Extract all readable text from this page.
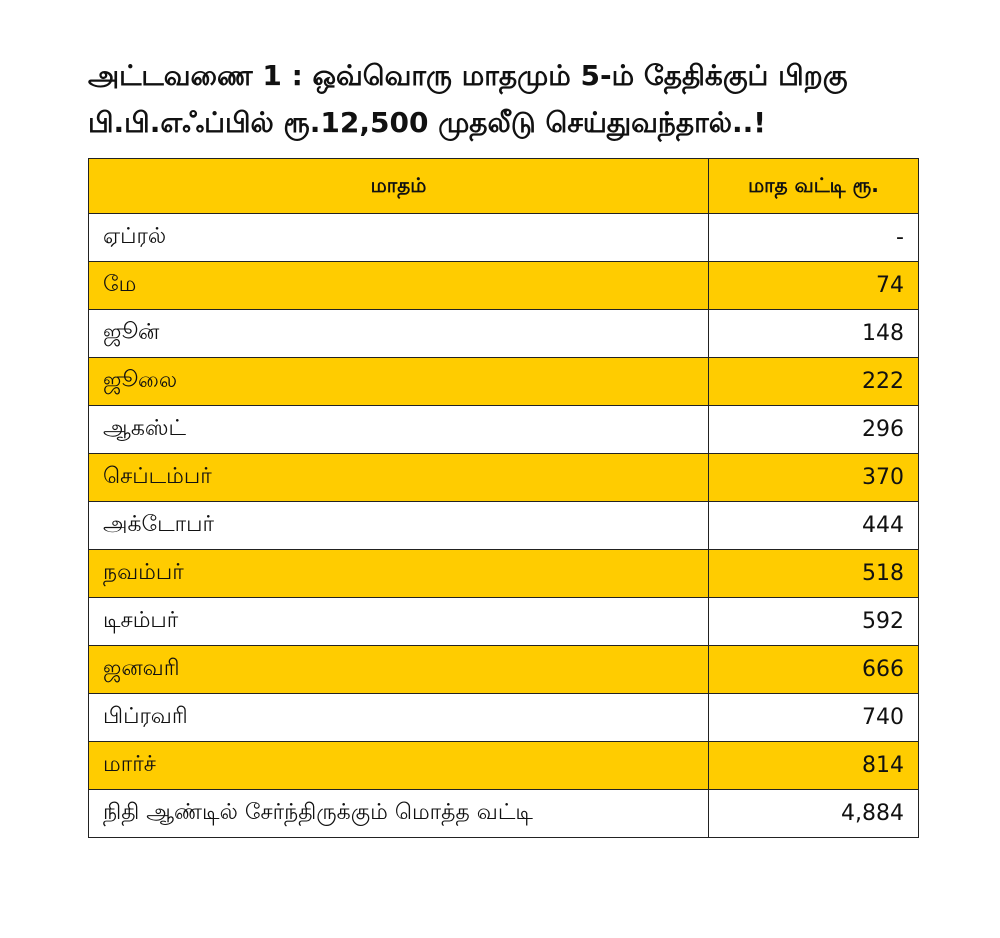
அட்டவணை 1 : ஒவ்வொரு மாதமும் 5-ம் தேதிக்குப் பிறகு
பி.பி.எஃப்பில் ரூ.12,500 முதலீடு செய்துவந்தால்..!
மாதம்	மாத வட்டி ரூ.
ஏப்ரல்	-
மே	74
ஜூன்	148
ஜூலை	222
ஆகஸ்ட்	296
செப்டம்பர்	370
அக்டோபர்	444
நவம்பர்	518
டிசம்பர்	592
ஜனவரி	666
பிப்ரவரி	740
மார்ச்	814
நிதி ஆண்டில் சேர்ந்திருக்கும் மொத்த வட்டி	4,884
